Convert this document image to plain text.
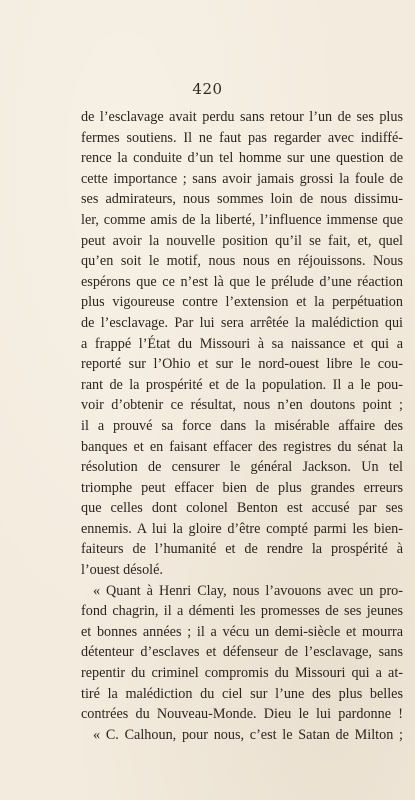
420
de l’esclavage avait perdu sans retour l’un de ses plus
fermes soutiens. Il ne faut pas regarder avec indiffé-
rence la conduite d’un tel homme sur une question de
cette importance ; sans avoir jamais grossi la foule de
ses admirateurs, nous sommes loin de nous dissimu-
ler, comme amis de la liberté, l’influence immense que
peut avoir la nouvelle position qu’il se fait, et, quel
qu’en soit le motif, nous nous en réjouissons. Nous
espérons que ce n’est là que le prélude d’une réaction
plus vigoureuse contre l’extension et la perpétuation
de l’esclavage. Par lui sera arrêtée la malédiction qui
a frappé l’État du Missouri à sa naissance et qui a
reporté sur l’Ohio et sur le nord-ouest libre le cou-
rant de la prospérité et de la population. Il a le pou-
voir d’obtenir ce résultat, nous n’en doutons point ;
il a prouvé sa force dans la misérable affaire des
banques et en faisant effacer des registres du sénat la
résolution de censurer le général Jackson. Un tel
triomphe peut effacer bien de plus grandes erreurs
que celles dont colonel Benton est accusé par ses
ennemis. A lui la gloire d’être compté parmi les bien-
faiteurs de l’humanité et de rendre la prospérité à
l’ouest désolé.
« Quant à Henri Clay, nous l’avouons avec un pro-
fond chagrin, il a démenti les promesses de ses jeunes
et bonnes années ; il a vécu un demi-siècle et mourra
détenteur d’esclaves et défenseur de l’esclavage, sans
repentir du criminel compromis du Missouri qui a at-
tiré la malédiction du ciel sur l’une des plus belles
contrées du Nouveau-Monde. Dieu le lui pardonne !
« C. Calhoun, pour nous, c’est le Satan de Milton ;
